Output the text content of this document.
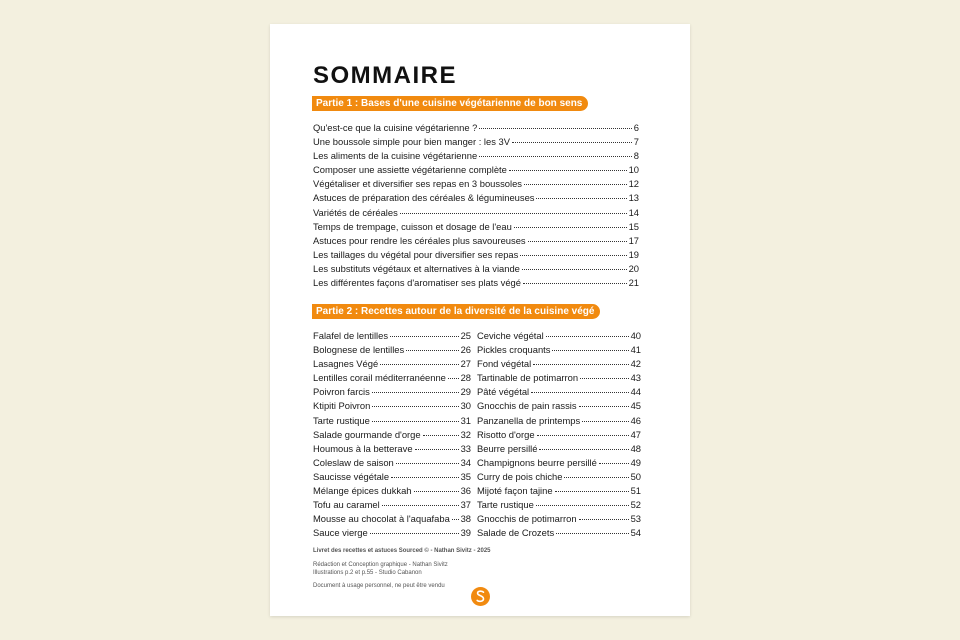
SOMMAIRE
Partie 1 : Bases d'une cuisine végétarienne de bon sens
Qu'est-ce que la cuisine végétarienne ?	6
Une boussole simple pour bien manger : les 3V	7
Les aliments de la cuisine végétarienne	8
Composer une assiette végétarienne complète	10
Végétaliser et diversifier ses repas en 3 boussoles	12
Astuces de préparation des céréales & légumineuses	13
Variétés de céréales	14
Temps de trempage, cuisson et dosage de l'eau	15
Astuces pour rendre les céréales plus savoureuses	17
Les taillages du végétal pour diversifier ses repas	19
Les substituts végétaux et alternatives à la viande	20
Les différentes façons d'aromatiser ses plats végé	21
Partie 2 : Recettes autour de la diversité de la cuisine végé
Falafel de lentilles	25
Bolognese de lentilles	26
Lasagnes Végé	27
Lentilles corail méditerranéenne 28
Poivron farcis	29
Ktipiti Poivron	30
Tarte rustique	31
Salade gourmande d'orge	32
Houmous à la betterave	33
Coleslaw de saison	34
Saucisse végétale	35
Mélange épices dukkah	36
Tofu au caramel	37
Mousse au chocolat à l'aquafaba 38
Sauce vierge	39
Ceviche végétal	40
Pickles croquants	41
Fond végétal	42
Tartinable de potimarron	43
Pâté végétal	44
Gnocchis de pain rassis	45
Panzanella de printemps	46
Risotto d'orge	47
Beurre persillé	48
Champignons beurre persillé	49
Curry de pois chiche	50
Mijoté façon tajine	51
Tarte rustique	52
Gnocchis de potimarron	53
Salade de Crozets	54
Livret des recettes et astuces Sourced © - Nathan Sivitz - 2025
Rédaction et Conception graphique - Nathan Sivitz
Illustrations p.2 et p.55 - Studio Cabanon
Document à usage personnel, ne peut être vendu
